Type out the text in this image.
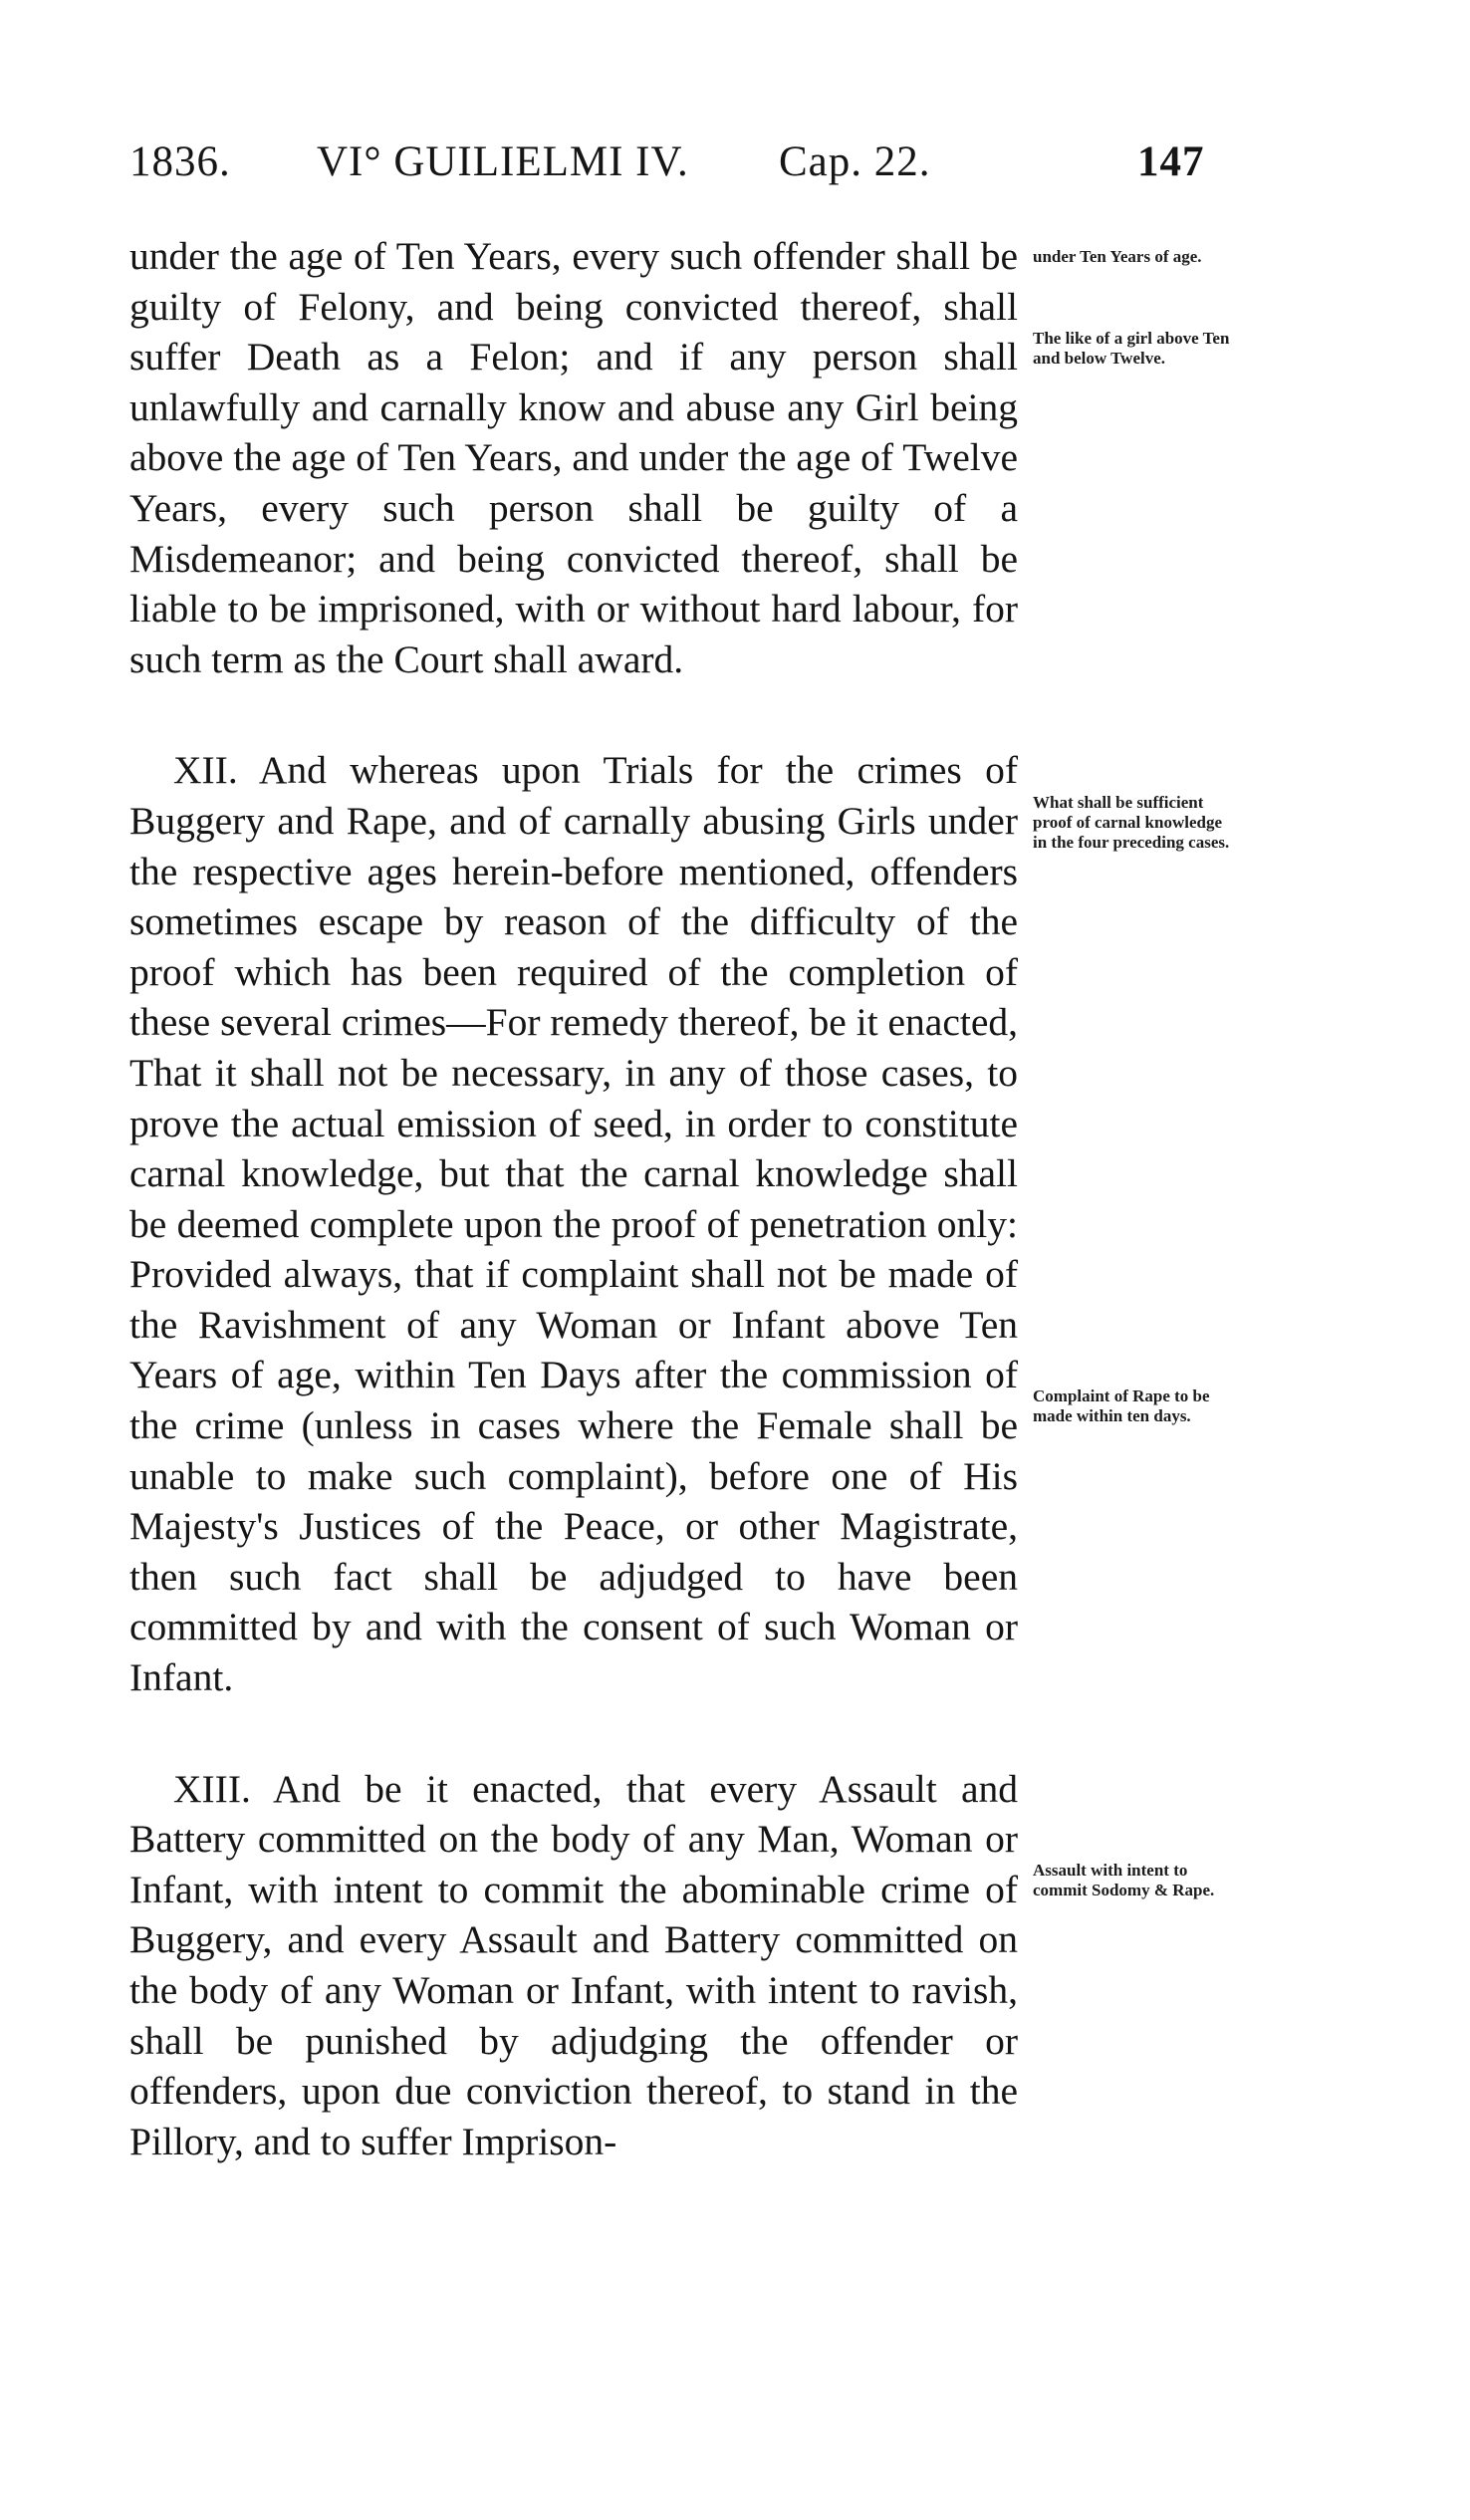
1836. VI° GUILIELMI IV. Cap. 22.	147

under the age of Ten Years, every such offender shall be guilty of Felony, and being convicted thereof, shall suffer Death as a Felon; and if any person shall unlawfully and carnally know and abuse any Girl being above the age of Ten Years, and under the age of Twelve Years, every such person shall be guilty of a Misdemeanor; and being convicted thereof, shall be liable to be imprisoned, with or without hard labour, for such term as the Court shall award.

XII. And whereas upon Trials for the crimes of Buggery and Rape, and of carnally abusing Girls under the respective ages herein-before mentioned, offenders sometimes escape by reason of the difficulty of the proof which has been required of the completion of these several crimes—For remedy thereof, be it enacted, That it shall not be necessary, in any of those cases, to prove the actual emission of seed, in order to constitute carnal knowledge, but that the carnal knowledge shall be deemed complete upon the proof of penetration only: Provided always, that if complaint shall not be made of the Ravishment of any Woman or Infant above Ten Years of age, within Ten Days after the commission of the crime (unless in cases where the Female shall be unable to make such complaint), before one of His Majesty's Justices of the Peace, or other Magistrate, then such fact shall be adjudged to have been committed by and with the consent of such Woman or Infant.

XIII. And be it enacted, that every Assault and Battery committed on the body of any Man, Woman or Infant, with intent to commit the abominable crime of Buggery, and every Assault and Battery committed on the body of any Woman or Infant, with intent to ravish, shall be punished by adjudging the offender or offenders, upon due conviction thereof, to stand in the Pillory, and to suffer Imprison-

under Ten Years of age.
The like of a girl above Ten and below Twelve.
What shall be sufficient proof of carnal knowledge in the four preceding cases.
Complaint of Rape to be made within ten days.
Assault with intent to commit Sodomy & Rape.
